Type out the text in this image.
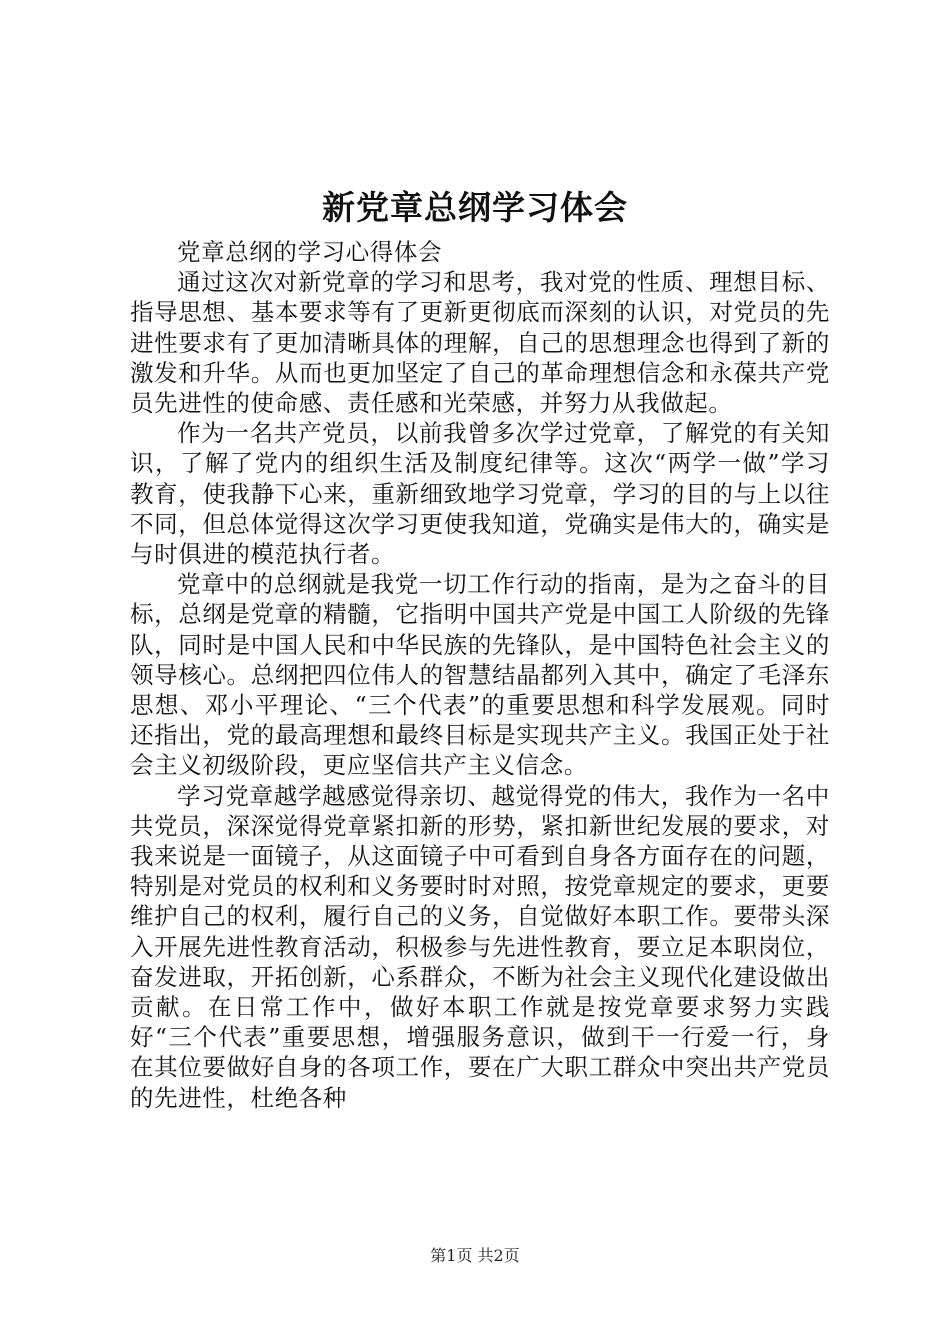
新党章总纲学习体会

党章总纲的学习心得体会

通过这次对新党章的学习和思考，我对党的性质、理想目标、指导思想、基本要求等有了更新更彻底而深刻的认识，对党员的先进性要求有了更加清晰具体的理解，自己的思想理念也得到了新的激发和升华。从而也更加坚定了自己的革命理想信念和永葆共产党员先进性的使命感、责任感和光荣感，并努力从我做起。

作为一名共产党员，以前我曾多次学过党章，了解党的有关知识，了解了党内的组织生活及制度纪律等。这次“两学一做”学习教育，使我静下心来，重新细致地学习党章，学习的目的与上以往不同，但总体觉得这次学习更使我知道，党确实是伟大的，确实是与时俱进的模范执行者。

党章中的总纲就是我党一切工作行动的指南，是为之奋斗的目标，总纲是党章的精髓，它指明中国共产党是中国工人阶级的先锋队，同时是中国人民和中华民族的先锋队，是中国特色社会主义的领导核心。总纲把四位伟人的智慧结晶都列入其中，确定了毛泽东思想、邓小平理论、“三个代表”的重要思想和科学发展观。同时还指出，党的最高理想和最终目标是实现共产主义。我国正处于社会主义初级阶段，更应坚信共产主义信念。

学习党章越学越感觉得亲切、越觉得党的伟大，我作为一名中共党员，深深觉得党章紧扣新的形势，紧扣新世纪发展的要求，对我来说是一面镜子，从这面镜子中可看到自身各方面存在的问题，特别是对党员的权利和义务要时时对照，按党章规定的要求，更要维护自己的权利，履行自己的义务，自觉做好本职工作。要带头深入开展先进性教育活动，积极参与先进性教育，要立足本职岗位，奋发进取，开拓创新，心系群众，不断为社会主义现代化建设做出贡献。在日常工作中，做好本职工作就是按党章要求努力实践好“三个代表”重要思想，增强服务意识，做到干一行爱一行，身在其位要做好自身的各项工作，要在广大职工群众中突出共产党员的先进性，杜绝各种

第1页 共2页
